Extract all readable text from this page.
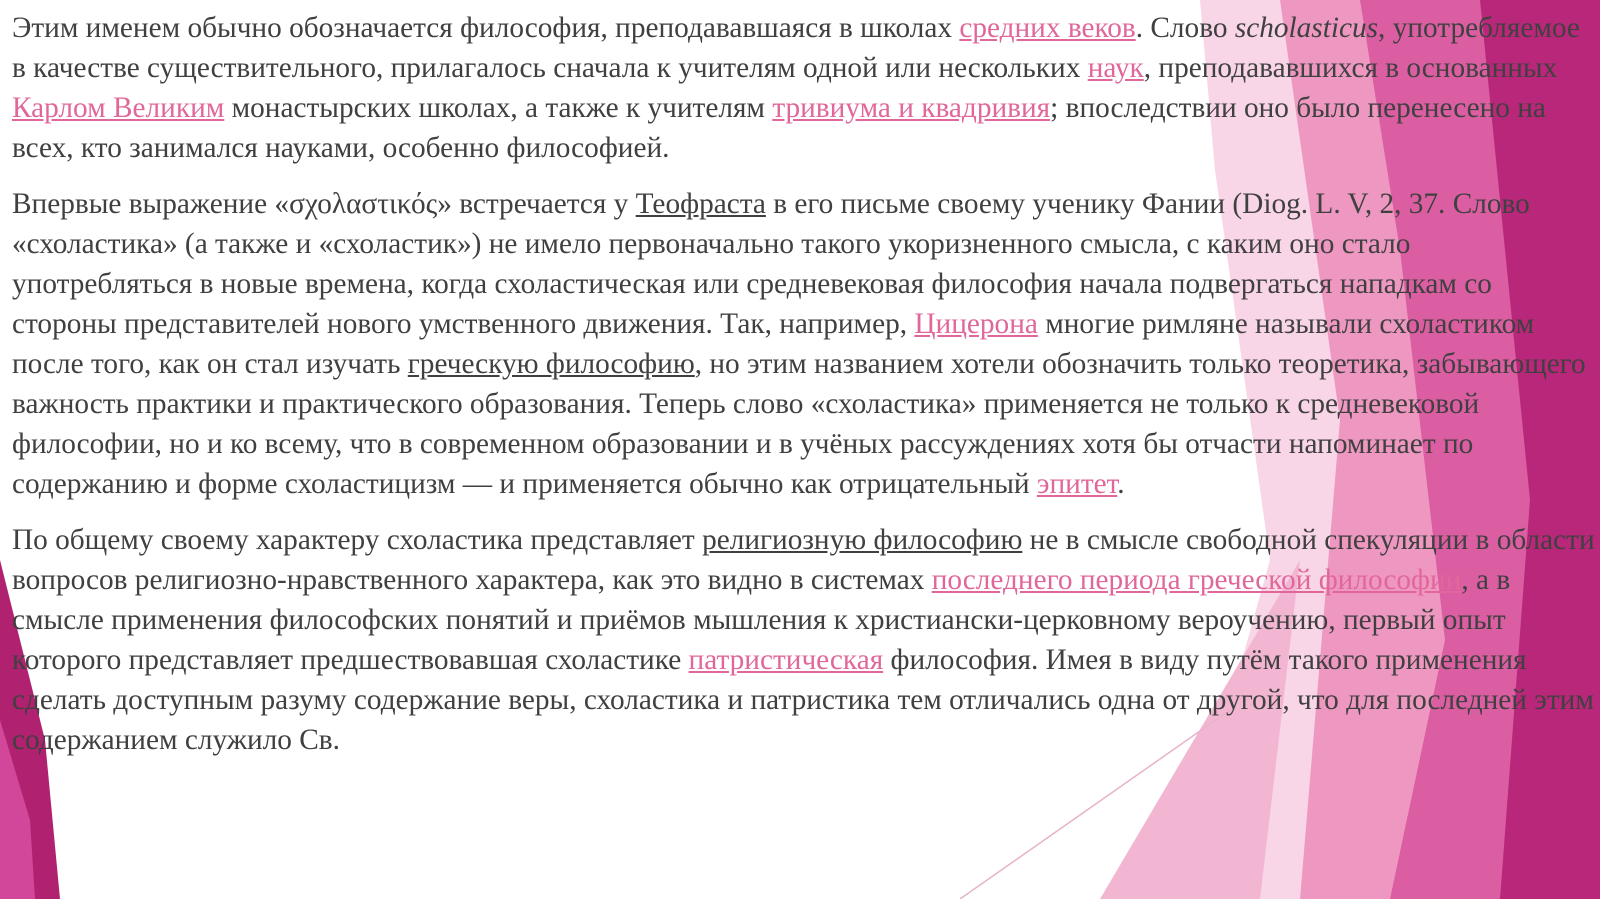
Этим именем обычно обозначается философия, преподававшаяся в школах средних веков. Слово scholasticus, употребляемое в качестве существительного, прилагалось сначала к учителям одной или нескольких наук, преподававшихся в основанных Карлом Великим монастырских школах, а также к учителям тривиума и квадривия; впоследствии оно было перенесено на всех, кто занимался науками, особенно философией.

Впервые выражение «σχολαστικός» встречается у Теофраста в его письме своему ученику Фании (Diog. L. V, 2, 37. Слово «схоластика» (а также и «схоластик») не имело первоначально такого укоризненного смысла, с каким оно стало употребляться в новые времена, когда схоластическая или средневековая философия начала подвергаться нападкам со стороны представителей нового умственного движения. Так, например, Цицерона многие римляне называли схоластиком после того, как он стал изучать греческую философию, но этим названием хотели обозначить только теоретика, забывающего важность практики и практического образования. Теперь слово «схоластика» применяется не только к средневековой философии, но и ко всему, что в современном образовании и в учёных рассуждениях хотя бы отчасти напоминает по содержанию и форме схоластицизм — и применяется обычно как отрицательный эпитет.

По общему своему характеру схоластика представляет религиозную философию не в смысле свободной спекуляции в области вопросов религиозно-нравственного характера, как это видно в системах последнего периода греческой философии, а в смысле применения философских понятий и приёмов мышления к христиански-церковному вероучению, первый опыт которого представляет предшествовавшая схоластике патристическая философия. Имея в виду путём такого применения сделать доступным разуму содержание веры, схоластика и патристика тем отличались одна от другой, что для последней этим содержанием служило Св.
